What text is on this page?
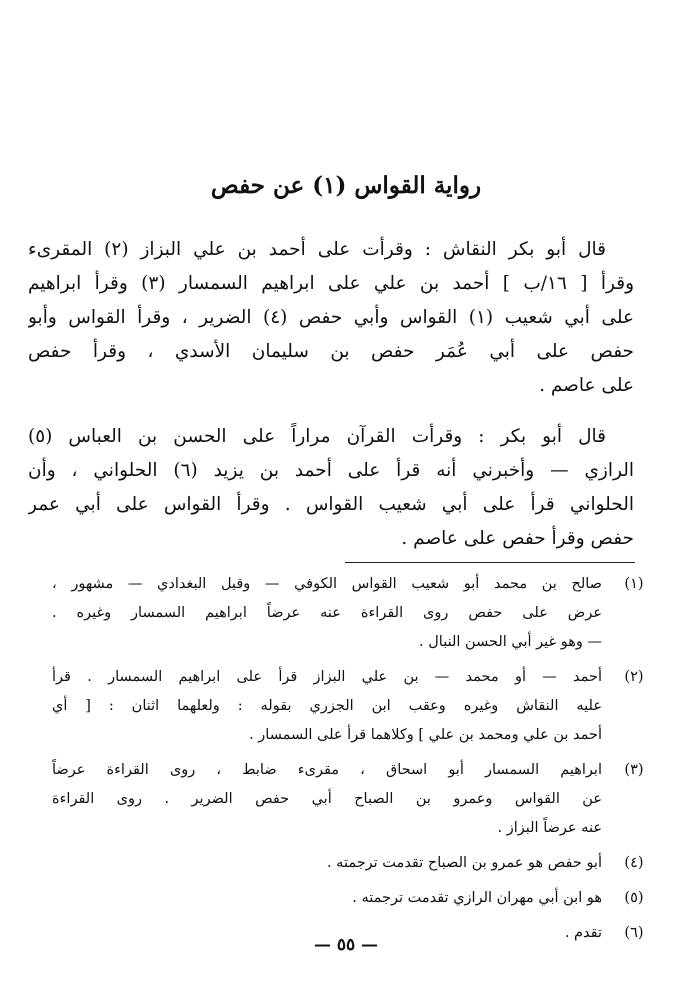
رواية القواس (١) عن حفص

قال أبو بكر النقاش : وقرأت على أحمد بن علي البزاز (٢) المقرىء
وقرأ [ ١٦/ب ] أحمد بن علي على ابراهيم السمسار (٣) وقرأ ابراهيم
على أبي شعيب (١) القواس وأبي حفص (٤) الضرير ، وقرأ القواس وأبو
حفص على أبي عُمَر حفص بن سليمان الأسدي ، وقرأ حفص
على عاصم .

قال أبو بكر : وقرأت القرآن مراراً على الحسن بن العباس (٥)
الرازي — وأخبرني أنه قرأ على أحمد بن يزيد (٦) الحلواني ، وأن
الحلواني قرأ على أبي شعيب القواس . وقرأ القواس على أبي عمر
حفص وقرأ حفص على عاصم .

(١)
صالح بن محمد أبو شعيب القواس الكوفي — وقيل البغدادي — مشهور ،
عرض على حفص روى القراءة عنه عرضاً ابراهيم السمسار وغيره .
— وهو غير أبي الحسن النبال .
(٢)
أحمد — أو محمد — بن علي البزاز قرأ على ابراهيم السمسار . قرأ
عليه النقاش وغيره وعقب ابن الجزري بقوله : ولعلهما اثنان : [ أي
أحمد بن علي ومحمد بن علي ] وكلاهما قرأ على السمسار .
(٣)
ابراهيم السمسار أبو اسحاق ، مقرىء ضابط ، روى القراءة عرضاً
عن القواس وعمرو بن الصباح أبي حفص الضرير . روى القراءة
عنه عرضاً البزاز .
(٤)
أبو حفص هو عمرو بن الصباح تقدمت ترجمته .
(٥)
هو ابن أبي مهران الرازي تقدمت ترجمته .
(٦)
تقدم .
— ٥٥ —
